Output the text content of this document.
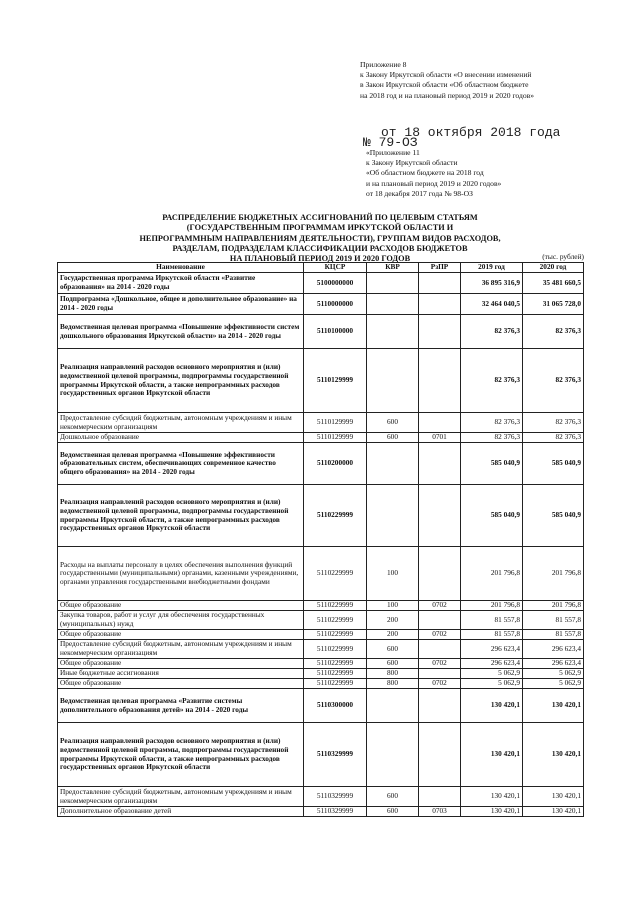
Приложение 8
к Закону Иркутской области «О внесении изменений
в Закон Иркутской области «Об областном бюджете
на 2018 год и на плановый период 2019 и 2020 годов»
от 18 октября 2018 года
№ 79-ОЗ
«Приложение 11
к Закону Иркутской области
«Об областном бюджете на 2018 год
и на плановый период 2019 и 2020 годов»
от 18 декабря 2017 года № 98-ОЗ
РАСПРЕДЕЛЕНИЕ БЮДЖЕТНЫХ АССИГНОВАНИЙ ПО ЦЕЛЕВЫМ СТАТЬЯМ
(ГОСУДАРСТВЕННЫМ ПРОГРАММАМ ИРКУТСКОЙ ОБЛАСТИ И
НЕПРОГРАММНЫМ НАПРАВЛЕНИЯМ ДЕЯТЕЛЬНОСТИ), ГРУППАМ ВИДОВ РАСХОДОВ,
РАЗДЕЛАМ, ПОДРАЗДЕЛАМ КЛАССИФИКАЦИИ РАСХОДОВ БЮДЖЕТОВ
НА ПЛАНОВЫЙ ПЕРИОД 2019 И 2020 ГОДОВ	(тыс. рублей)
Наименование	КЦСР	КВР	РзПР	2019 год	2020 год
Государственная программа Иркутской области «Развитие образования» на 2014 - 2020 годы	5100000000			36 895 316,9	35 481 660,5
Подпрограмма «Дошкольное, общее и дополнительное образование» на 2014 - 2020 годы	5110000000			32 464 040,5	31 065 728,0
Ведомственная целевая программа «Повышение эффективности систем дошкольного образования Иркутской области» на 2014 - 2020 годы	5110100000			82 376,3	82 376,3
Реализация направлений расходов основного мероприятия и (или) ведомственной целевой программы, подпрограммы государственной программы Иркутской области, а также непрограммных расходов государственных органов Иркутской области	5110129999			82 376,3	82 376,3
Предоставление субсидий бюджетным, автономным учреждениям и иным некоммерческим организациям	5110129999	600		82 376,3	82 376,3
Дошкольное образование	5110129999	600	0701	82 376,3	82 376,3
Ведомственная целевая программа «Повышение эффективности образовательных систем, обеспечивающих современное качество общего образования» на 2014 - 2020 годы	5110200000			585 040,9	585 040,9
Реализация направлений расходов основного мероприятия и (или) ведомственной целевой программы, подпрограммы государственной программы Иркутской области, а также непрограммных расходов государственных органов Иркутской области	5110229999			585 040,9	585 040,9
Расходы на выплаты персоналу в целях обеспечения выполнения функций государственными (муниципальными) органами, казенными учреждениями, органами управления государственными внебюджетными фондами	5110229999	100		201 796,8	201 796,8
Общее образование	5110229999	100	0702	201 796,8	201 796,8
Закупка товаров, работ и услуг для обеспечения государственных (муниципальных) нужд	5110229999	200		81 557,8	81 557,8
Общее образование	5110229999	200	0702	81 557,8	81 557,8
Предоставление субсидий бюджетным, автономным учреждениям и иным некоммерческим организациям	5110229999	600		296 623,4	296 623,4
Общее образование	5110229999	600	0702	296 623,4	296 623,4
Иные бюджетные ассигнования	5110229999	800		5 062,9	5 062,9
Общее образование	5110229999	800	0702	5 062,9	5 062,9
Ведомственная целевая программа «Развитие системы дополнительного образования детей» на 2014 - 2020 годы	5110300000			130 420,1	130 420,1
Реализация направлений расходов основного мероприятия и (или) ведомственной целевой программы, подпрограммы государственной программы Иркутской области, а также непрограммных расходов государственных органов Иркутской области	5110329999			130 420,1	130 420,1
Предоставление субсидий бюджетным, автономным учреждениям и иным некоммерческим организациям	5110329999	600		130 420,1	130 420,1
Дополнительное образование детей	5110329999	600	0703	130 420,1	130 420,1
